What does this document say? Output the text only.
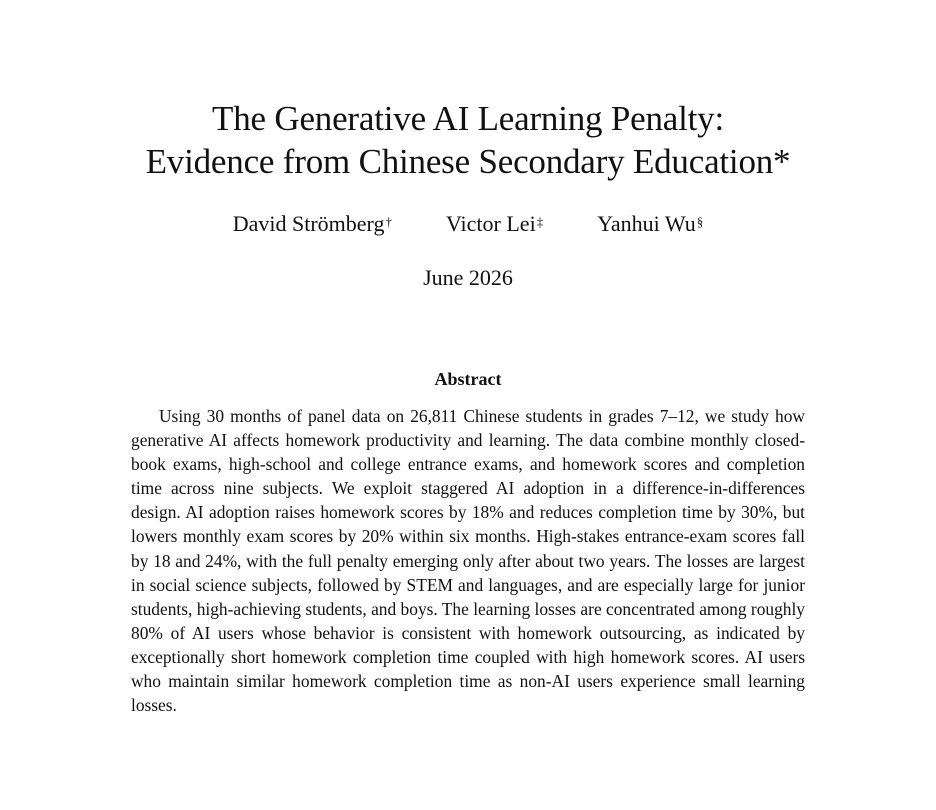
The Generative AI Learning Penalty:
Evidence from Chinese Secondary Education*
David Strömberg† Victor Lei‡ Yanhui Wu§
June 2026
Abstract

Using 30 months of panel data on 26,811 Chinese students in grades 7–12, we study how generative AI affects homework productivity and learning. The data combine monthly closed-book exams, high-school and college entrance exams, and homework scores and completion time across nine subjects. We exploit staggered AI adoption in a difference-in-differences design. AI adoption raises homework scores by 18% and reduces completion time by 30%, but lowers monthly exam scores by 20% within six months. High-stakes entrance-exam scores fall by 18 and 24%, with the full penalty emerging only after about two years. The losses are largest in social science subjects, followed by STEM and languages, and are especially large for junior students, high-achieving students, and boys. The learning losses are concentrated among roughly 80% of AI users whose behavior is consistent with homework outsourcing, as indicated by exceptionally short homework completion time coupled with high homework scores. AI users who maintain similar homework completion time as non-AI users experience small learning losses.
